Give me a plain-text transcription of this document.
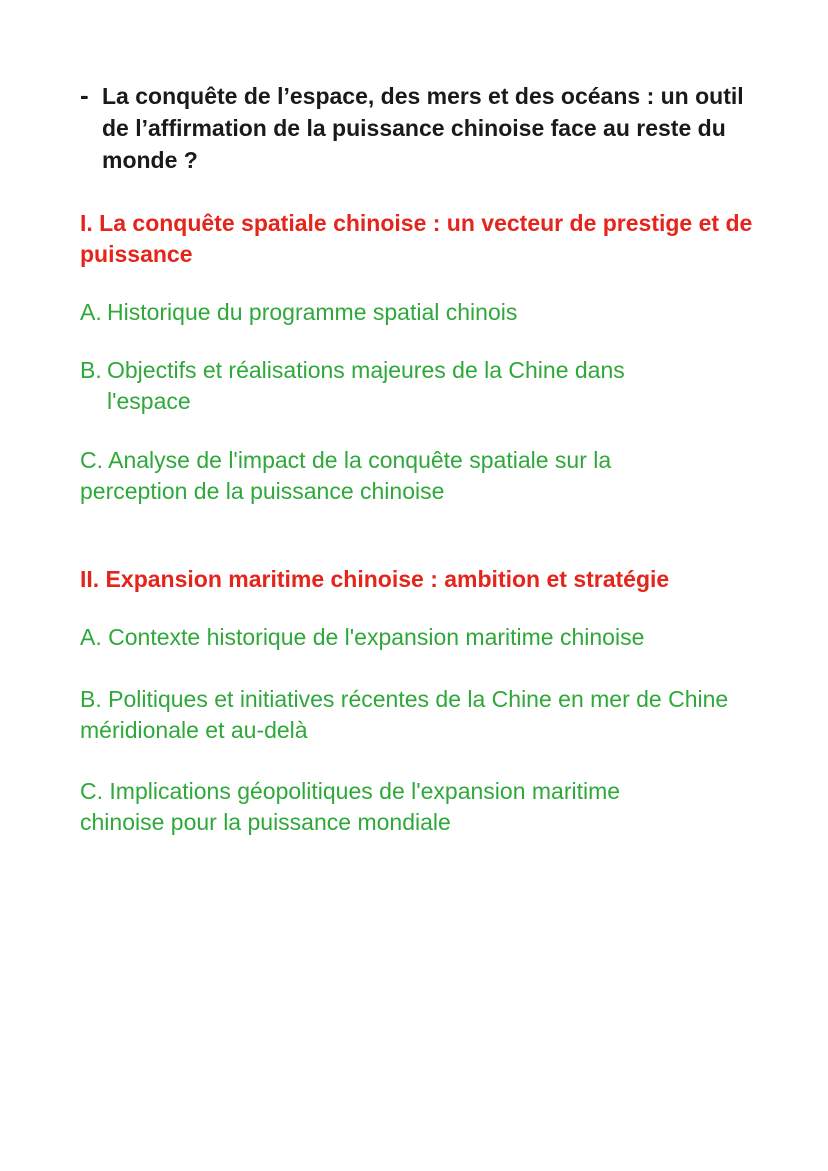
- La conquête de l’espace, des mers et des océans : un outil de l’affirmation de la puissance chinoise face au reste du monde ?
I. La conquête spatiale chinoise : un vecteur de prestige et de puissance
A. Historique du programme spatial chinois
B. Objectifs et réalisations majeures de la Chine dans l'espace
C. Analyse de l'impact de la conquête spatiale sur la perception de la puissance chinoise
II. Expansion maritime chinoise : ambition et stratégie
A. Contexte historique de l'expansion maritime chinoise
B. Politiques et initiatives récentes de la Chine en mer de Chine méridionale et au-delà
C. Implications géopolitiques de l'expansion maritime chinoise pour la puissance mondiale
